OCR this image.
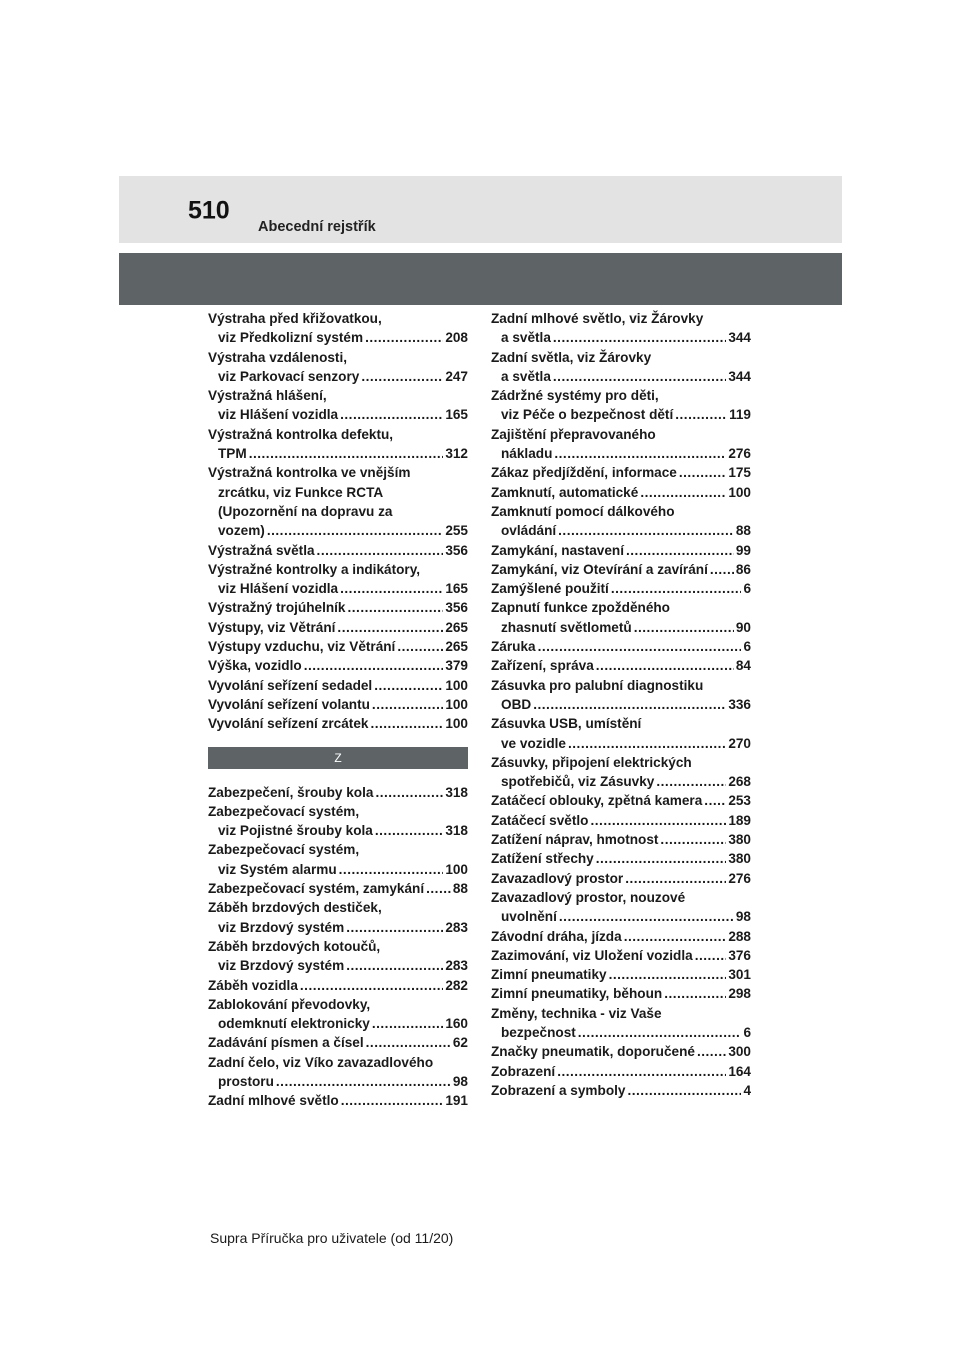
510
Abecední rejstřík
Výstraha před křižovatkou,
viz Předkolizní systém .....	208
Výstraha vzdálenosti,
viz Parkovací senzory .....	247
Výstražná hlášení,
viz Hlášení vozidla .....	165
Výstražná kontrolka defektu,
TPM .....	312
Výstražná kontrolka ve vnějším
zrcátku, viz Funkce RCTA
(Upozornění na dopravu za
vozem) .....	255
Výstražná světla .....	356
Výstražné kontrolky a indikátory,
viz Hlášení vozidla .....	165
Výstražný trojúhelník .....	356
Výstupy, viz Větrání .....	265
Výstupy vzduchu, viz Větrání .....	265
Výška, vozidlo .....	379
Vyvolání seřízení sedadel .....	100
Vyvolání seřízení volantu .....	100
Vyvolání seřízení zrcátek .....	100
Z
Zabezpečení, šrouby kola .....	318
Zabezpečovací systém,
viz Pojistné šrouby kola .....	318
Zabezpečovací systém,
viz Systém alarmu .....	100
Zabezpečovací systém, zamykání ..... 88
Záběh brzdových destiček,
viz Brzdový systém .....	283
Záběh brzdových kotoučů,
viz Brzdový systém .....	283
Záběh vozidla .....	282
Zablokování převodovky,
odemknutí elektronicky .....	160
Zadávání písmen a čísel .....	62
Zadní čelo, viz Víko zavazadlového
prostoru .....	98
Zadní mlhové světlo .....	191
Zadní mlhové světlo, viz Žárovky
a světla .....	344
Zadní světla, viz Žárovky
a světla .....	344
Zádržné systémy pro děti,
viz Péče o bezpečnost dětí .....	119
Zajištění přepravovaného
nákladu .....	276
Zákaz předjíždění, informace .....	175
Zamknutí, automatické .....	100
Zamknutí pomocí dálkového
ovládání .....	88
Zamykání, nastavení .....	99
Zamykání, viz Otevírání a zavírání ..... 86
Zamýšlené použití .....	6
Zapnutí funkce zpožděného
zhasnutí světlometů .....	90
Záruka .....	6
Zařízení, správa .....	84
Zásuvka pro palubní diagnostiku
OBD .....	336
Zásuvka USB, umístění
ve vozidle .....	270
Zásuvky, připojení elektrických
spotřebičů, viz Zásuvky .....	268
Zatáčecí oblouky, zpětná kamera ..... 253
Zatáčecí světlo .....	189
Zatížení náprav, hmotnost .....	380
Zatížení střechy .....	380
Zavazadlový prostor .....	276
Zavazadlový prostor, nouzové
uvolnění .....	98
Závodní dráha, jízda .....	288
Zazimování, viz Uložení vozidla .....	376
Zimní pneumatiky .....	301
Zimní pneumatiky, běhoun .....	298
Změny, technika - viz Vaše
bezpečnost .....	6
Značky pneumatik, doporučené ..... 300
Zobrazení .....	164
Zobrazení a symboly .....	4
Supra Příručka pro uživatele (od 11/20)
